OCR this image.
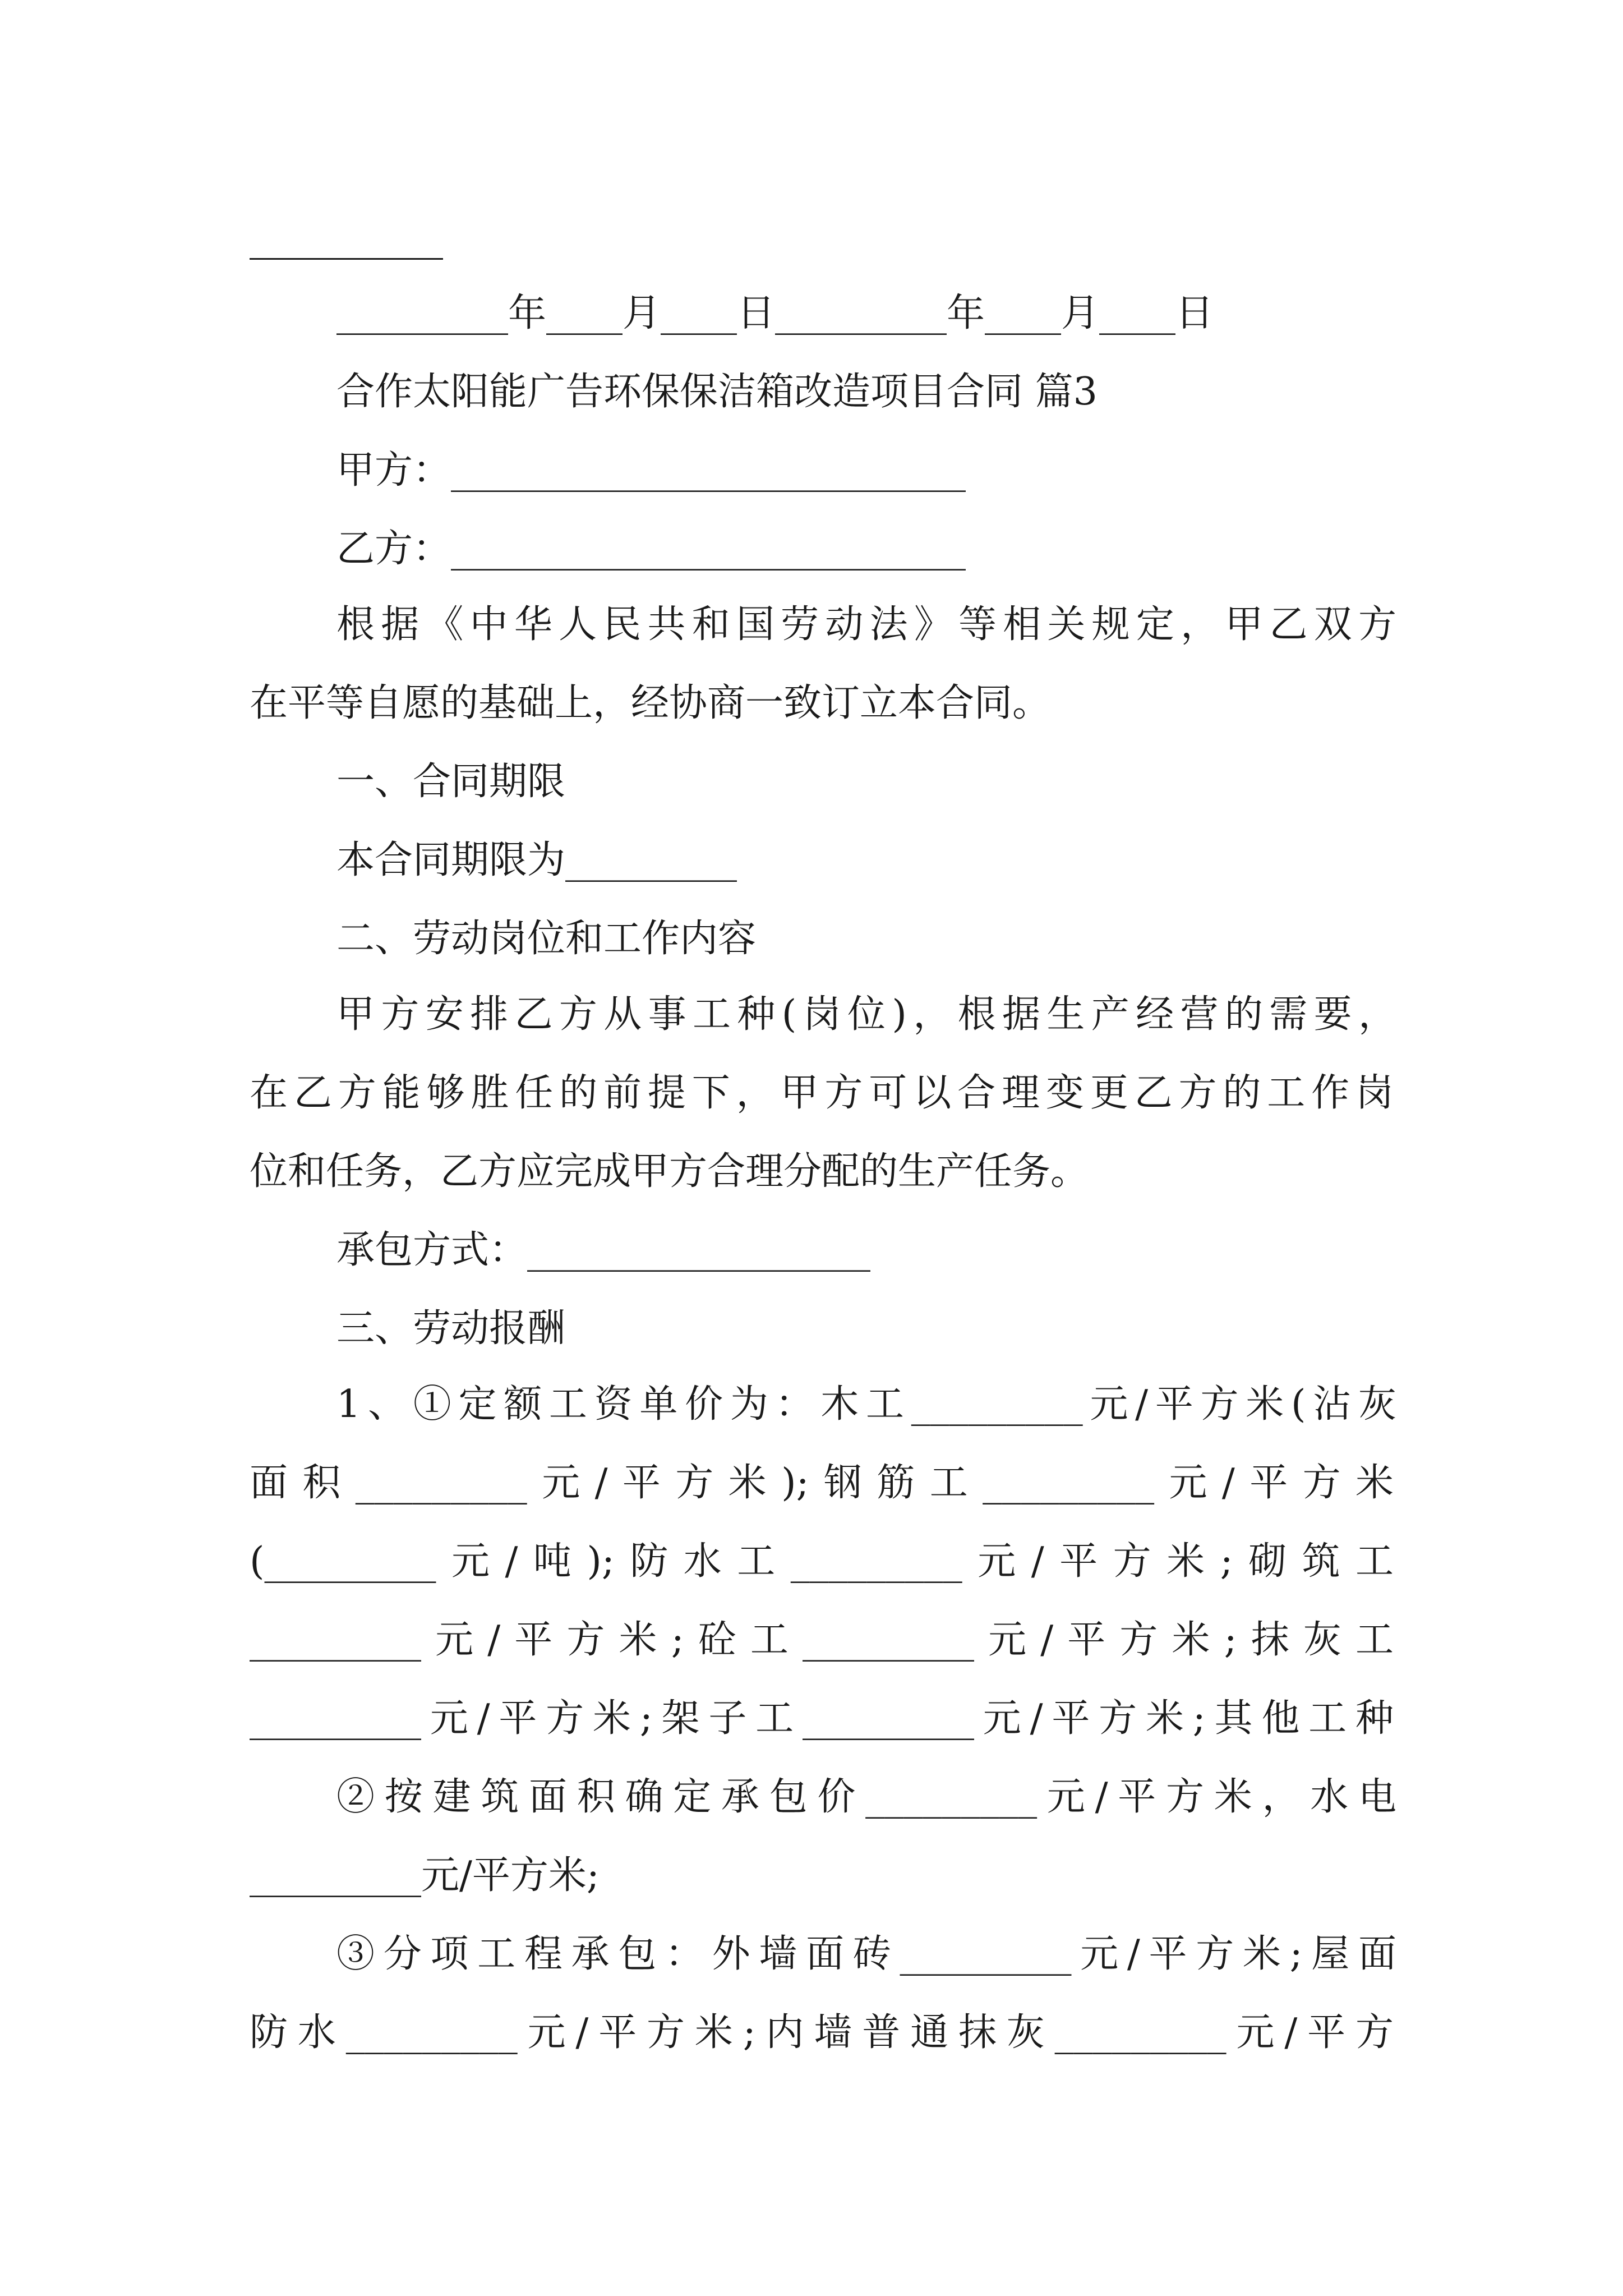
_________年____月____日_________年____月____日
合作太阳能广告环保保洁箱改造项目合同 篇3
甲方：___________________________
乙方：___________________________
根据《中华人民共和国劳动法》等相关规定，甲乙双方
在平等自愿的基础上，经协商一致订立本合同。
一、合同期限
本合同期限为_________
二、劳动岗位和工作内容
甲方安排乙方从事工种(岗位)，根据生产经营的需要，
在乙方能够胜任的前提下，甲方可以合理变更乙方的工作岗
位和任务，乙方应完成甲方合理分配的生产任务。
承包方式：__________________
三、劳动报酬
1、①定额工资单价为：木工_________元/平方米(沾灰
面积_________元/平方米);钢筋工_________元/平方米
(_________元/吨);防水工_________元/平方米;砌筑工
_________元/平方米;砼工_________元/平方米;抹灰工
_________元/平方米;架子工_________元/平方米;其他工种
②按建筑面积确定承包价_________元/平方米，水电
_________元/平方米;
③分项工程承包：外墙面砖_________元/平方米;屋面
防水_________元/平方米;内墙普通抹灰_________元/平方
